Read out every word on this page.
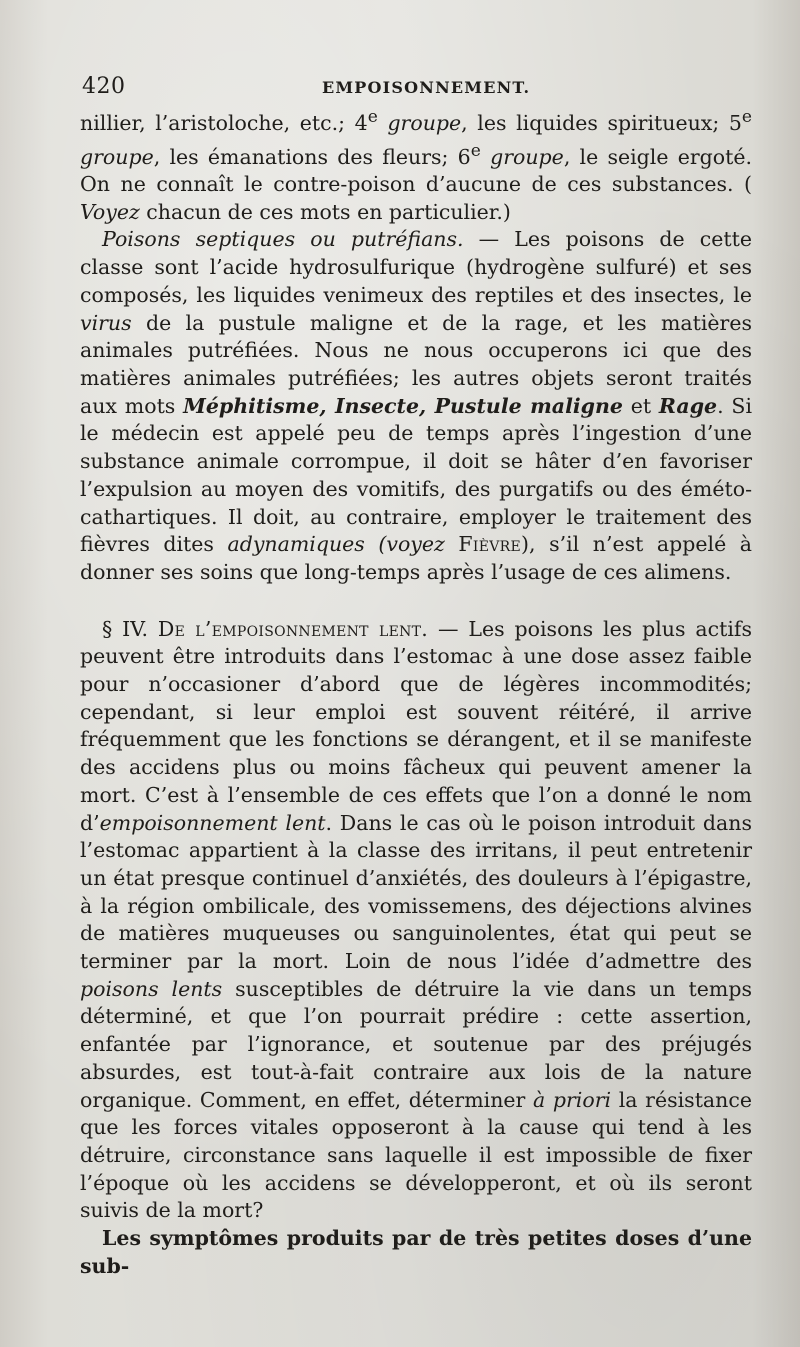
420	EMPOISONNEMENT.

nillier, l’aristoloche, etc.; 4e groupe, les liquides spiritueux; 5e groupe, les émanations des fleurs; 6e groupe, le seigle ergoté. On ne connaît le contre-poison d’aucune de ces substances. ( Voyez chacun de ces mots en particulier.)

Poisons septiques ou putréfians. — Les poisons de cette classe sont l’acide hydrosulfurique (hydrogène sulfuré) et ses composés, les liquides venimeux des reptiles et des insectes, le virus de la pustule maligne et de la rage, et les matières animales putréfiées. Nous ne nous occuperons ici que des matières animales putréfiées; les autres objets seront traités aux mots Méphitisme, Insecte, Pustule maligne et Rage. Si le médecin est appelé peu de temps après l’ingestion d’une substance animale corrompue, il doit se hâter d’en favoriser l’expulsion au moyen des vomitifs, des purgatifs ou des éméto-cathartiques. Il doit, au contraire, employer le traitement des fièvres dites adynamiques (voyez Fièvre), s’il n’est appelé à donner ses soins que long-temps après l’usage de ces alimens.

§ IV. De l’empoisonnement lent. — Les poisons les plus actifs peuvent être introduits dans l’estomac à une dose assez faible pour n’occasioner d’abord que de légères incommodités; cependant, si leur emploi est souvent réitéré, il arrive fréquemment que les fonctions se dérangent, et il se manifeste des accidens plus ou moins fâcheux qui peuvent amener la mort. C’est à l’ensemble de ces effets que l’on a donné le nom d’empoisonnement lent. Dans le cas où le poison introduit dans l’estomac appartient à la classe des irritans, il peut entretenir un état presque continuel d’anxiétés, des douleurs à l’épigastre, à la région ombilicale, des vomissemens, des déjections alvines de matières muqueuses ou sanguinolentes, état qui peut se terminer par la mort. Loin de nous l’idée d’admettre des poisons lents susceptibles de détruire la vie dans un temps déterminé, et que l’on pourrait prédire : cette assertion, enfantée par l’ignorance, et soutenue par des préjugés absurdes, est tout-à-fait contraire aux lois de la nature organique. Comment, en effet, déterminer à priori la résistance que les forces vitales opposeront à la cause qui tend à les détruire, circonstance sans laquelle il est impossible de fixer l’époque où les accidens se développeront, et où ils seront suivis de la mort?

Les symptômes produits par de très petites doses d’une sub-
